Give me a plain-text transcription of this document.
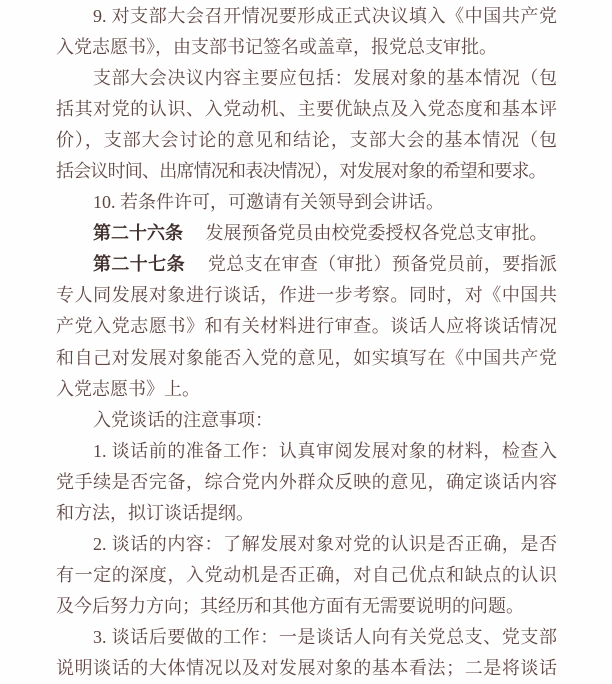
9. 对支部大会召开情况要形成正式决议填入《中国共产党
入党志愿书》，由支部书记签名或盖章，报党总支审批。
支部大会决议内容主要应包括：发展对象的基本情况（包
括其对党的认识、入党动机、主要优缺点及入党态度和基本评
价），支部大会讨论的意见和结论，支部大会的基本情况（包
括会议时间、出席情况和表决情况），对发展对象的希望和要求。
10. 若条件许可，可邀请有关领导到会讲话。
第二十六条 发展预备党员由校党委授权各党总支审批。
第二十七条 党总支在审查（审批）预备党员前，要指派
专人同发展对象进行谈话，作进一步考察。同时，对《中国共
产党入党志愿书》和有关材料进行审查。谈话人应将谈话情况
和自己对发展对象能否入党的意见，如实填写在《中国共产党
入党志愿书》上。
入党谈话的注意事项：
1. 谈话前的准备工作：认真审阅发展对象的材料，检查入
党手续是否完备，综合党内外群众反映的意见，确定谈话内容
和方法，拟订谈话提纲。
2. 谈话的内容：了解发展对象对党的认识是否正确，是否
有一定的深度，入党动机是否正确，对自己优点和缺点的认识
及今后努力方向；其经历和其他方面有无需要说明的问题。
3. 谈话后要做的工作：一是谈话人向有关党总支、党支部
说明谈话的大体情况以及对发展对象的基本看法；二是将谈话
